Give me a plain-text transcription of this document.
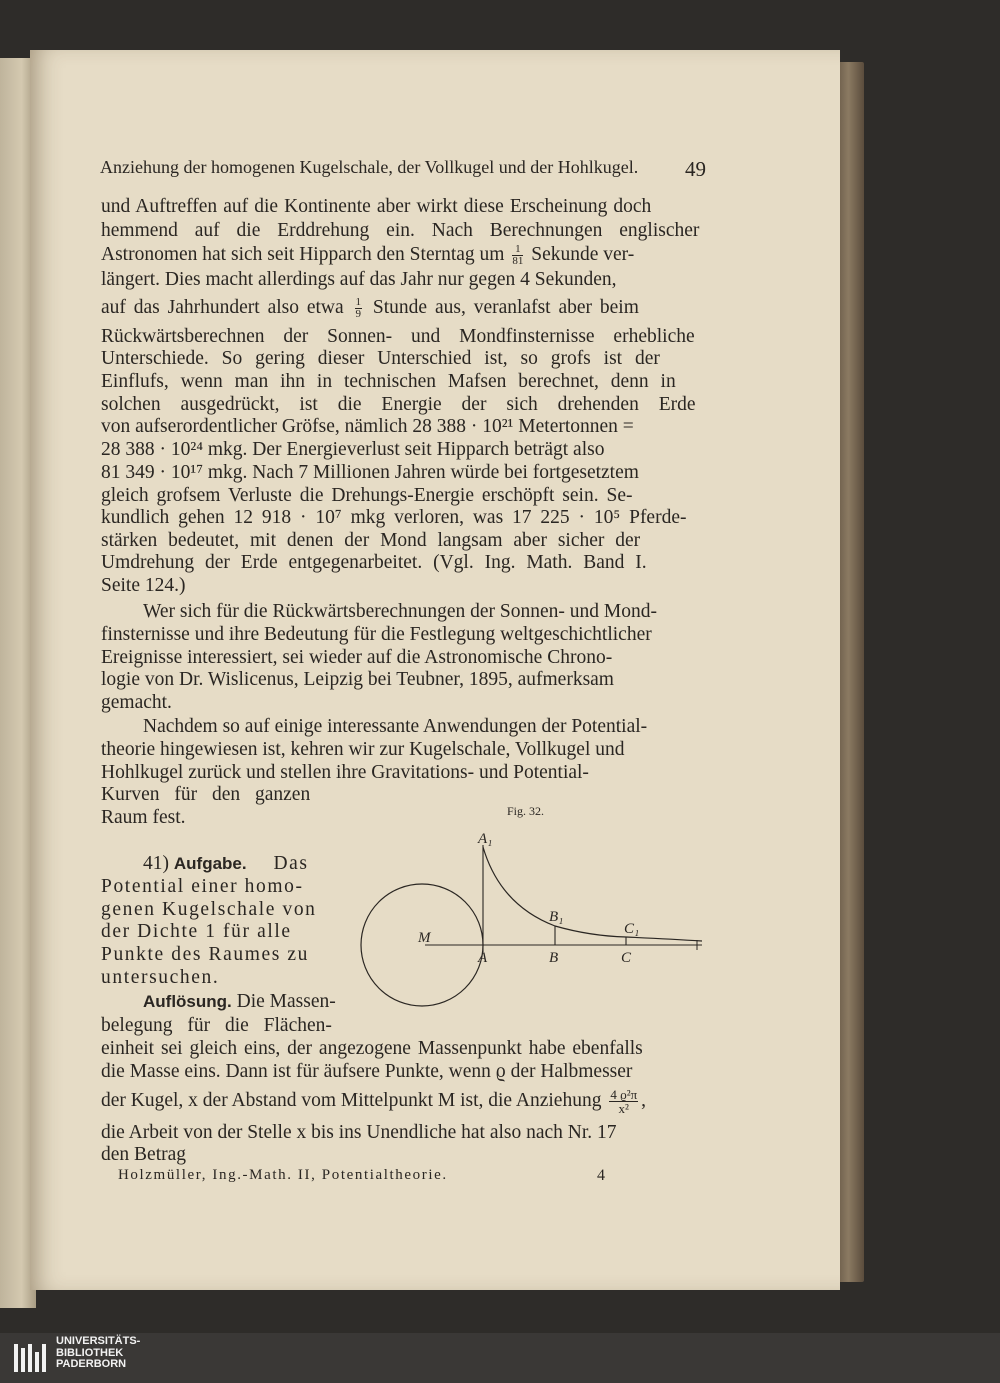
Anziehung der homogenen Kugelschale, der Vollkugel und der Hohlkugel. 49
und Auftreffen auf die Kontinente aber wirkt diese Erscheinung doch
hemmend auf die Erddrehung ein. Nach Berechnungen englischer
Astronomen hat sich seit Hipparch den Sterntag um $\frac{1}{81}$ Sekunde ver-
längert. Dies macht allerdings auf das Jahr nur gegen 4 Sekunden,
auf das Jahrhundert also etwa $\frac{1}{9}$ Stunde aus, veranlafst aber beim
Rückwärtsberechnen der Sonnen- und Mondfinsternisse erhebliche
Unterschiede. So gering dieser Unterschied ist, so grofs ist der
Einflufs, wenn man ihn in technischen Mafsen berechnet, denn in
solchen ausgedrückt, ist die Energie der sich drehenden Erde
von aufserordentlicher Gröfse, nämlich 28 388 · 10²¹ Metertonnen =
28 388 · 10²⁴ mkg. Der Energieverlust seit Hipparch beträgt also
81 349 · 10¹⁷ mkg. Nach 7 Millionen Jahren würde bei fortgesetztem
gleich grofsem Verluste die Drehungs-Energie erschöpft sein. Se-
kundlich gehen 12 918 · 10⁷ mkg verloren, was 17 225 · 10⁵ Pferde-
stärken bedeutet, mit denen der Mond langsam aber sicher der
Umdrehung der Erde entgegenarbeitet. (Vgl. Ing. Math. Band I.
Seite 124.)
Wer sich für die Rückwärtsberechnungen der Sonnen- und Mond-
finsternisse und ihre Bedeutung für die Festlegung weltgeschichtlicher
Ereignisse interessiert, sei wieder auf die Astronomische Chrono-
logie von Dr. Wislicenus, Leipzig bei Teubner, 1895, aufmerksam
gemacht.
Nachdem so auf einige interessante Anwendungen der Potential-
theorie hingewiesen ist, kehren wir zur Kugelschale, Vollkugel und
Hohlkugel zurück und stellen ihre Gravitations- und Potential-
Kurven für den ganzen
Raum fest.	Fig. 32.
41) Aufgabe. Das
Potential einer homo-
genen Kugelschale von
der Dichte 1 für alle
Punkte des Raumes zu
untersuchen.
Auflösung. Die Massen-
belegung für die Flächen-
einheit sei gleich eins, der angezogene Massenpunkt habe ebenfalls
die Masse eins. Dann ist für äufsere Punkte, wenn ϱ der Halbmesser
der Kugel, x der Abstand vom Mittelpunkt M ist, die Anziehung $\frac{\text{4 ϱ²π}}{\text{x²}}$ ,
die Arbeit von der Stelle x bis ins Unendliche hat also nach Nr. 17
den Betrag
A₁
B₁
C₁
M
A	B	C
Holzmüller, Ing.-Math. II, Potentialtheorie.	4
UNIVERSITÄTS-
BIBLIOTHEK
PADERBORN
